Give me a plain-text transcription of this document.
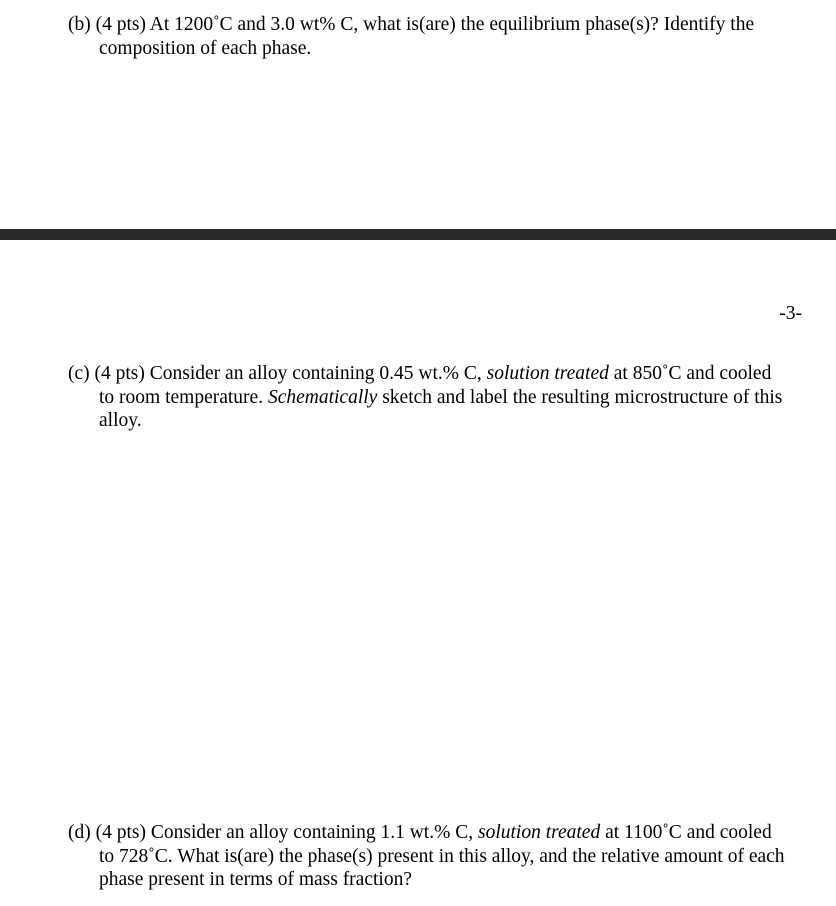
(b) (4 pts) At 1200˚C and 3.0 wt% C, what is(are) the equilibrium phase(s)? Identify the
composition of each phase.

-3-

(c) (4 pts) Consider an alloy containing 0.45 wt.% C, solution treated at 850˚C and cooled
to room temperature. Schematically sketch and label the resulting microstructure of this
alloy.

(d) (4 pts) Consider an alloy containing 1.1 wt.% C, solution treated at 1100˚C and cooled
to 728˚C. What is(are) the phase(s) present in this alloy, and the relative amount of each
phase present in terms of mass fraction?
